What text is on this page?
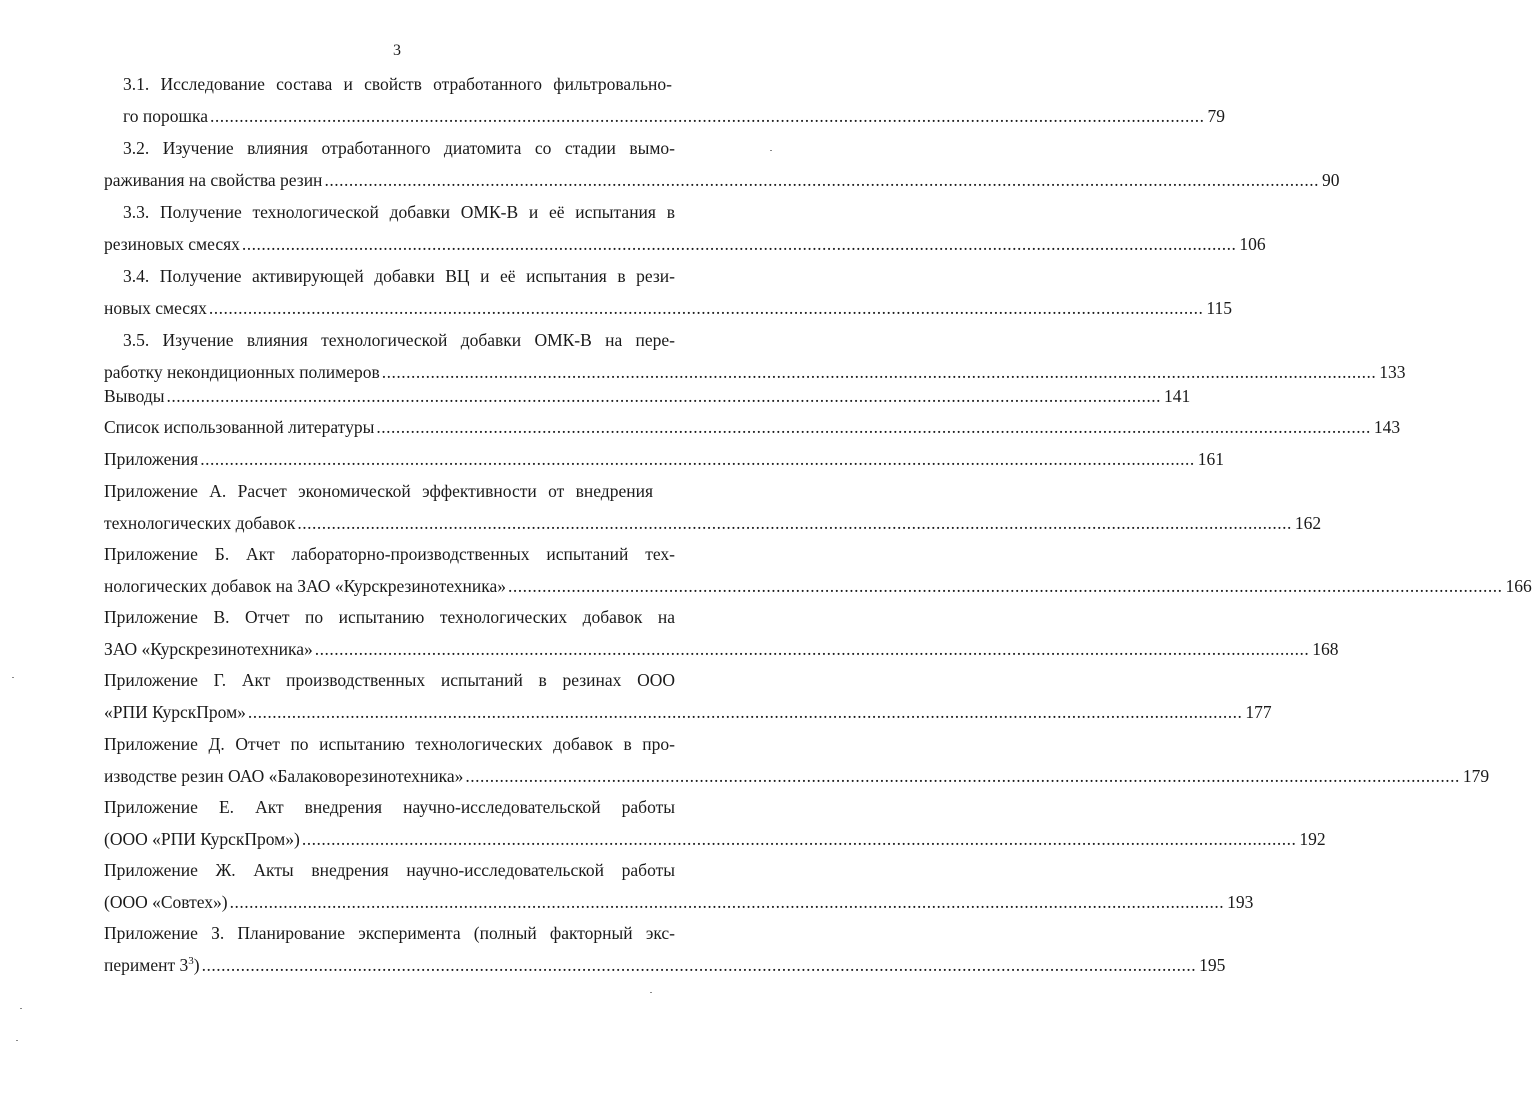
3
3.1. Исследование состава и свойств отработанного фильтровально-
го порошка ............................................................................................................................................................................................................ 79
3.2. Изучение влияния отработанного диатомита со стадии вымо-
раживания на свойства резин ............................................................................................................................................................................................................ 90
3.3. Получение технологической добавки ОМК-В и её испытания в
резиновых смесях ............................................................................................................................................................................................................ 106
3.4. Получение активирующей добавки ВЦ и её испытания в рези-
новых смесях ............................................................................................................................................................................................................ 115
3.5. Изучение влияния технологической добавки ОМК-В на пере-
работку некондиционных полимеров ............................................................................................................................................................................................................ 133
Выводы ............................................................................................................................................................................................................ 141
Список использованной литературы ............................................................................................................................................................................................................ 143
Приложения ............................................................................................................................................................................................................ 161
Приложение А. Расчет экономической эффективности от внедрения
технологических добавок ............................................................................................................................................................................................................ 162
Приложение Б. Акт лабораторно-производственных испытаний тех-
нологических добавок на ЗАО «Курскрезинотехника» ............................................................................................................................................................................................................ 166
Приложение В. Отчет по испытанию технологических добавок на
ЗАО «Курскрезинотехника» ............................................................................................................................................................................................................ 168
Приложение Г. Акт производственных испытаний в резинах ООО
«РПИ КурскПром» ............................................................................................................................................................................................................ 177
Приложение Д. Отчет по испытанию технологических добавок в про-
изводстве резин ОАО «Балаковорезинотехника» ............................................................................................................................................................................................................ 179
Приложение Е. Акт внедрения научно-исследовательской работы
(ООО «РПИ КурскПром») ............................................................................................................................................................................................................ 192
Приложение Ж. Акты внедрения научно-исследовательской работы
(ООО «Совтех») ............................................................................................................................................................................................................ 193
Приложение З. Планирование эксперимента (полный факторный экс-
перимент $3^3$) ............................................................................................................................................................................................................ 195
